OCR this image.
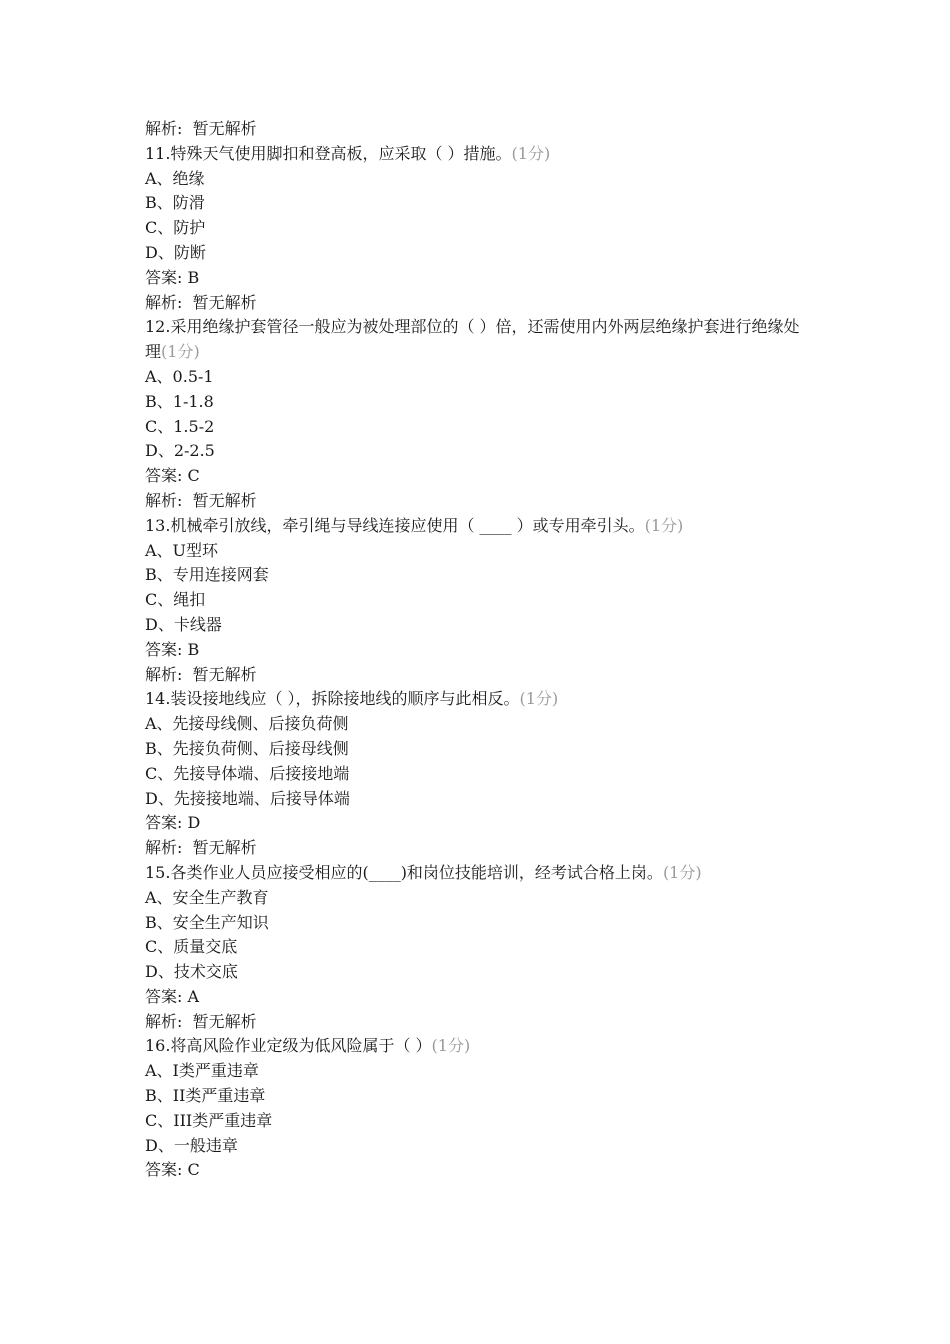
解析: 暂无解析

11.特殊天气使用脚扣和登高板，应采取（ ）措施。(1分)

A、绝缘

B、防滑

C、防护

D、防断

答案: B

解析: 暂无解析

12.采用绝缘护套管径一般应为被处理部位的（ ）倍，还需使用内外两层绝缘护套进行绝缘处理(1分)

A、0.5-1

B、1-1.8

C、1.5-2

D、2-2.5

答案: C

解析: 暂无解析

13.机械牵引放线，牵引绳与导线连接应使用（ ____ ）或专用牵引头。(1分)

A、U型环

B、专用连接网套

C、绳扣

D、卡线器

答案: B

解析: 暂无解析

14.装设接地线应（ ），拆除接地线的顺序与此相反。(1分)

A、先接母线侧、后接负荷侧

B、先接负荷侧、后接母线侧

C、先接导体端、后接接地端

D、先接接地端、后接导体端

答案: D

解析: 暂无解析

15.各类作业人员应接受相应的(____)和岗位技能培训，经考试合格上岗。(1分)

A、安全生产教育

B、安全生产知识

C、质量交底

D、技术交底

答案: A

解析: 暂无解析

16.将高风险作业定级为低风险属于（ ）(1分)

A、I类严重违章

B、II类严重违章

C、III类严重违章

D、一般违章

答案: C
